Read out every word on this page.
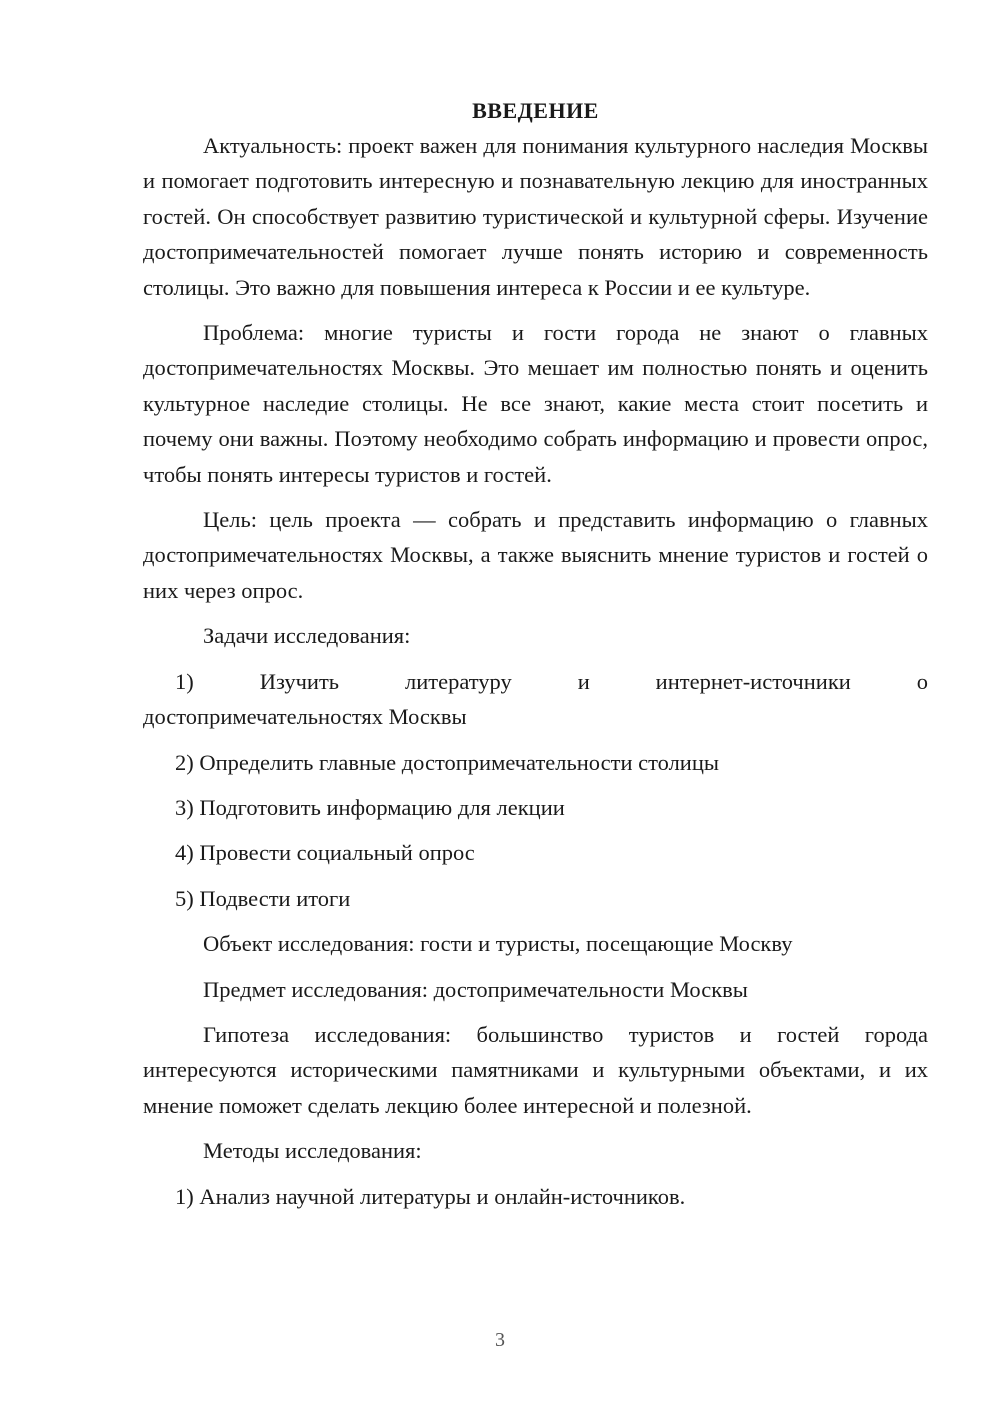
ВВЕДЕНИЕ

Актуальность: проект важен для понимания культурного наследия Москвы и помогает подготовить интересную и познавательную лекцию для иностранных гостей. Он способствует развитию туристической и культурной сферы. Изучение достопримечательностей помогает лучше понять историю и современность столицы. Это важно для повышения интереса к России и ее культуре.

Проблема: многие туристы и гости города не знают о главных достопримечательностях Москвы. Это мешает им полностью понять и оценить культурное наследие столицы. Не все знают, какие места стоит посетить и почему они важны. Поэтому необходимо собрать информацию и провести опрос, чтобы понять интересы туристов и гостей.

Цель: цель проекта — собрать и представить информацию о главных достопримечательностях Москвы, а также выяснить мнение туристов и гостей о них через опрос.

Задачи исследования:

1) Изучить литературу и интернет-источники о

достопримечательностях Москвы

2) Определить главные достопримечательности столицы

3) Подготовить информацию для лекции

4) Провести социальный опрос

5) Подвести итоги

Объект исследования: гости и туристы, посещающие Москву

Предмет исследования: достопримечательности Москвы

Гипотеза исследования: большинство туристов и гостей города интересуются историческими памятниками и культурными объектами, и их мнение поможет сделать лекцию более интересной и полезной.

Методы исследования:

1) Анализ научной литературы и онлайн-источников.

3
